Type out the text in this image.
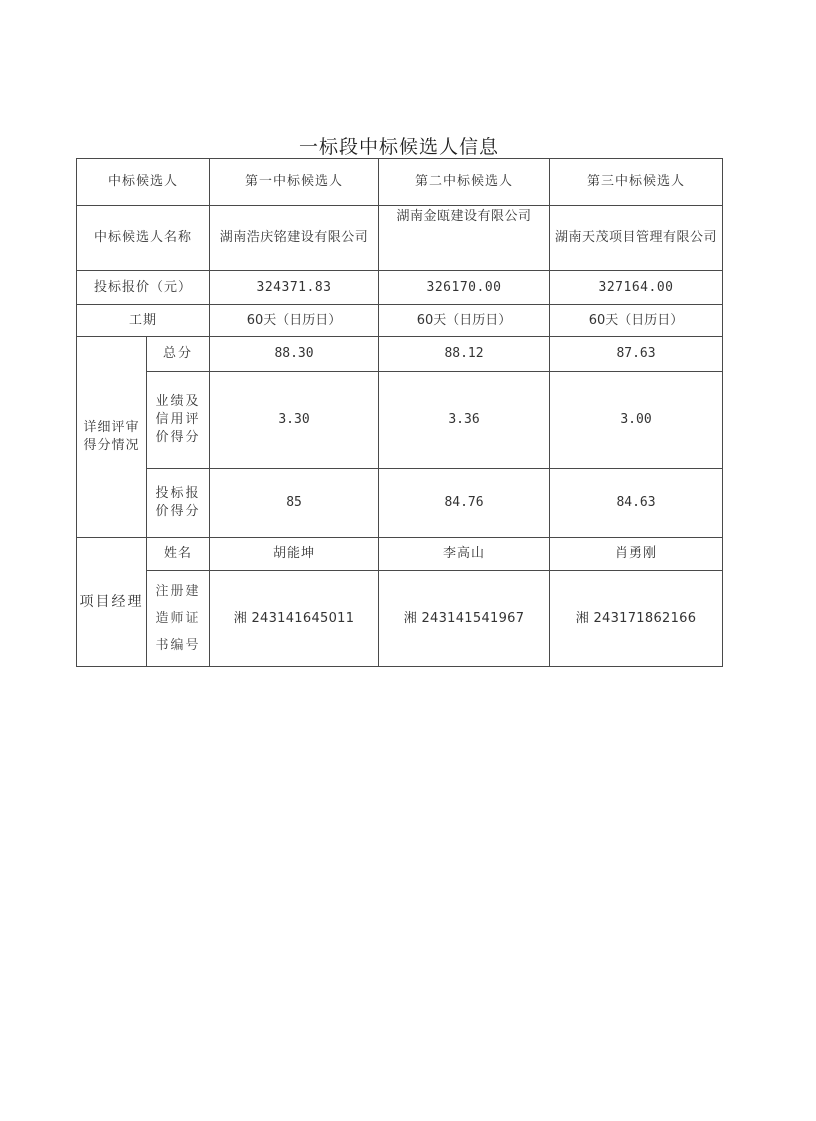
一标段中标候选人信息
中标候选人		第一中标候选人	第二中标候选人	第三中标候选人
中标候选人名称		湖南浩庆铭建设有限公司	湖南金瓯建设有限公司	湖南天茂项目管理有限公司
投标报价（元）		324371.83	326170.00	327164.00
工期		60天（日历日）	60天（日历日）	60天（日历日）
详细评审得分情况	总分	88.30	88.12	87.63
	业绩及信用评价得分	3.30	3.36	3.00
	投标报价得分	85	84.76	84.63
项目经理	姓名	胡能坤	李高山	肖勇刚
	注册建造师证书编号	湘 243141645011	湘 243141541967	湘 243171862166
